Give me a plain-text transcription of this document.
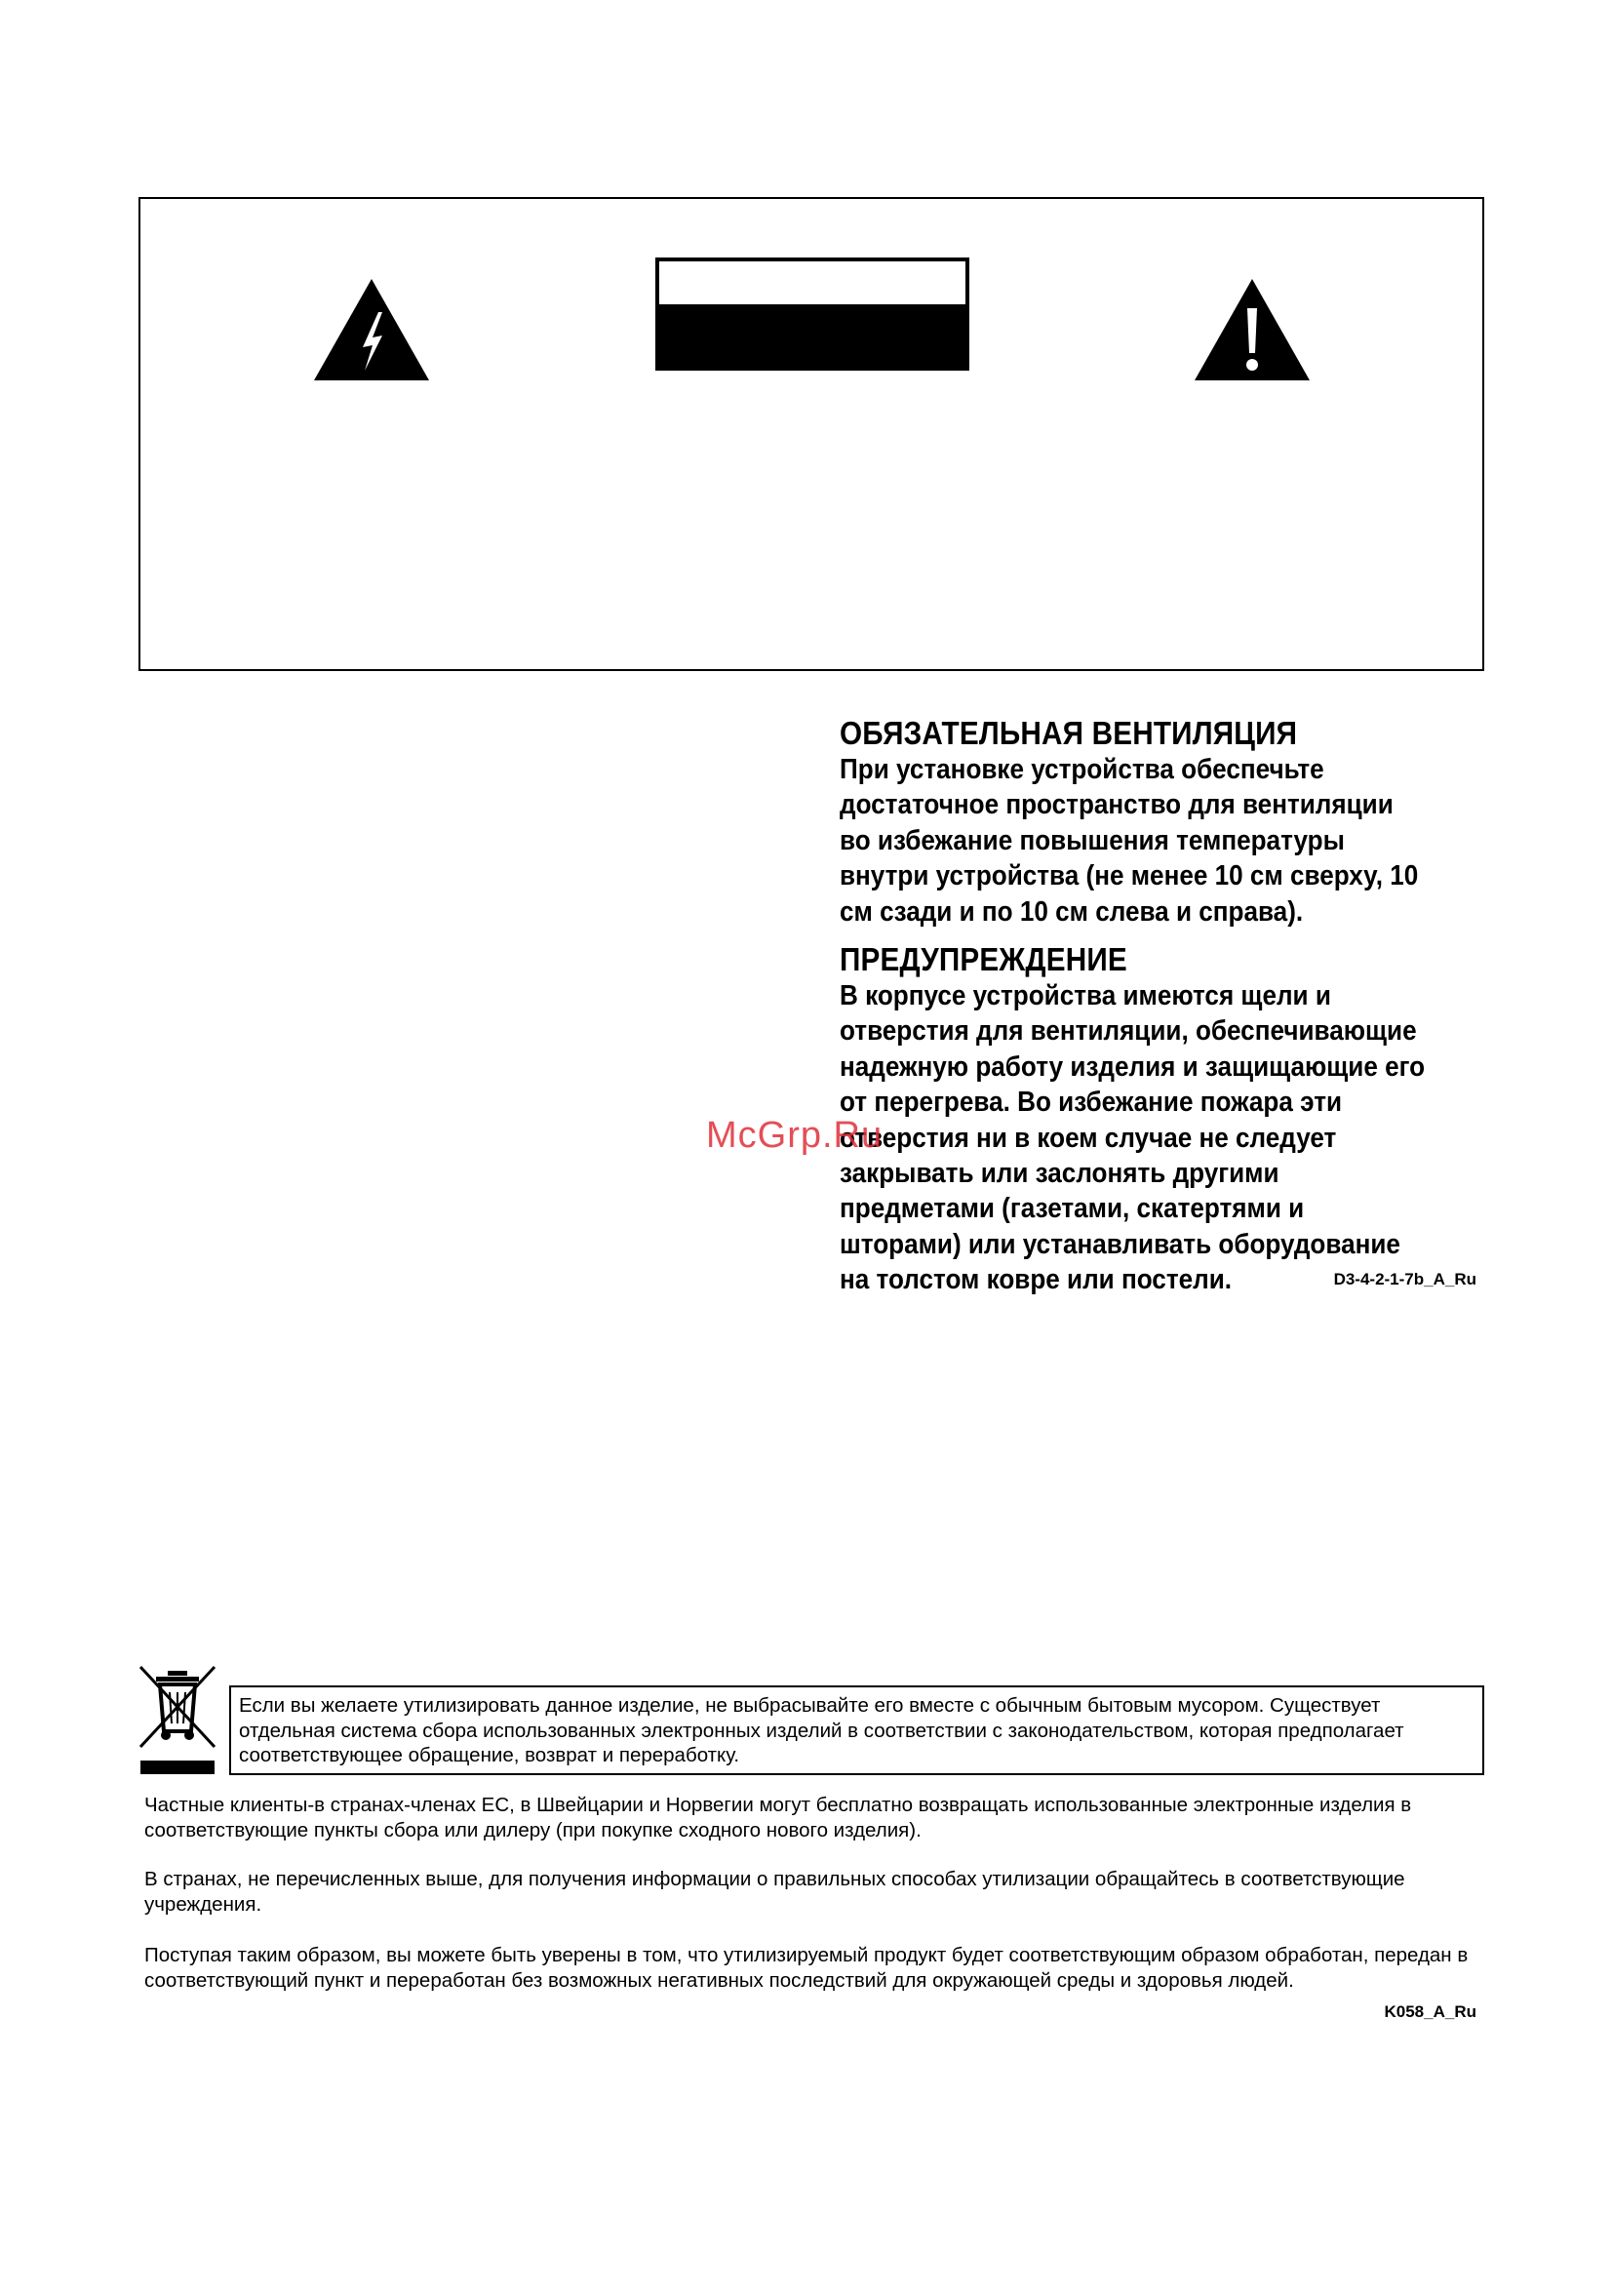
ОБЯЗАТЕЛЬНАЯ ВЕНТИЛЯЦИЯ

При установке устройства обеспечьте достаточное пространство для вентиляции во избежание повышения температуры внутри устройства (не менее 10 см сверху, 10 см сзади и по 10 см слева и справа).

ПРЕДУПРЕЖДЕНИЕ

В корпусе устройства имеются щели и отверстия для вентиляции, обеспечивающие надежную работу изделия и защищающие его от перегрева. Во избежание пожара эти отверстия ни в коем случае не следует закрывать или заслонять другими предметами (газетами, скатертями и шторами) или устанавливать оборудование на толстом ковре или постели.	D3-4-2-1-7b_A_Ru
McGrp.Ru
Если вы желаете утилизировать данное изделие, не выбрасывайте его вместе с обычным бытовым мусором. Существует отдельная система сбора использованных электронных изделий в соответствии с законодательством, которая предполагает соответствующее обращение, возврат и переработку.

Частные клиенты-в странах-членах ЕС, в Швейцарии и Норвегии могут бесплатно возвращать использованные электронные изделия в соответствующие пункты сбора или дилеру (при покупке сходного нового изделия).

В странах, не перечисленных выше, для получения информации о правильных способах утилизации обращайтесь в соответствующие учреждения.

Поступая таким образом, вы можете быть уверены в том, что утилизируемый продукт будет соответствующим образом обработан, передан в соответствующий пункт и переработан без возможных негативных последствий для окружающей среды и здоровья людей.

K058_A_Ru
